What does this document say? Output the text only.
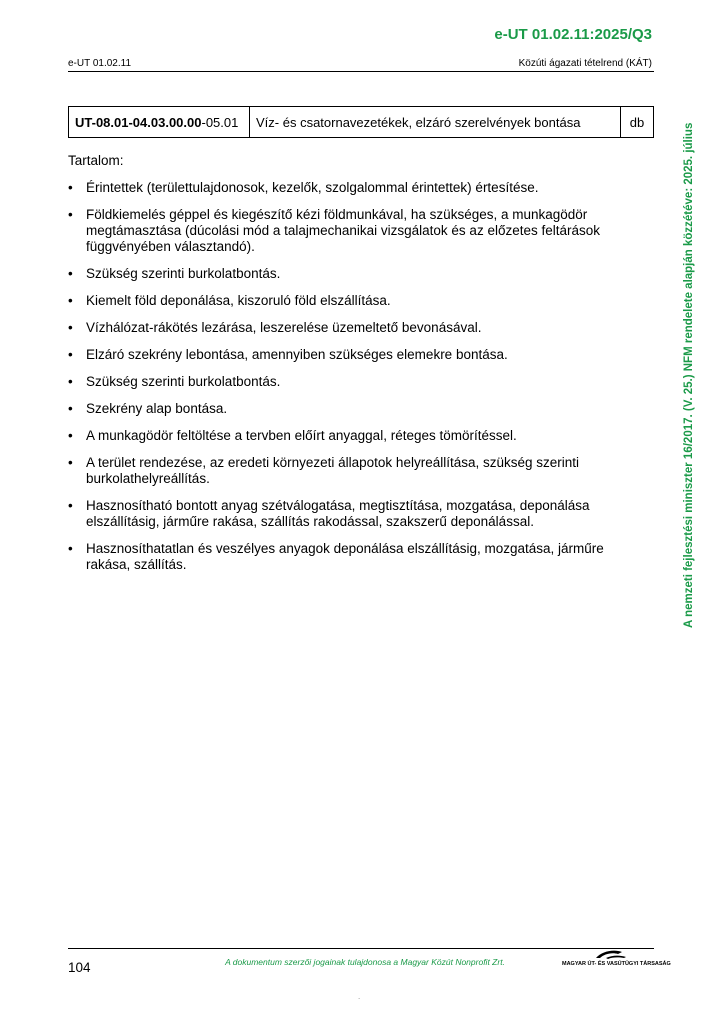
e-UT 01.02.11:2025/Q3
e-UT 01.02.11	Közúti ágazati tételrend (KÁT)
UT-08.01-04.03.00.00-05.01	Víz- és csatornavezetékek, elzáró szerelvények bontása	db
Tartalom:
• Érintettek (területtulajdonosok, kezelők, szolgalommal érintettek) értesítése.
• Földkiemelés géppel és kiegészítő kézi földmunkával, ha szükséges, a munkagödör megtámasztása (dúcolási mód a talajmechanikai vizsgálatok és az előzetes feltárások függvényében választandó).
• Szükség szerinti burkolatbontás.
• Kiemelt föld deponálása, kiszoruló föld elszállítása.
• Vízhálózat-rákötés lezárása, leszerelése üzemeltető bevonásával.
• Elzáró szekrény lebontása, amennyiben szükséges elemekre bontása.
• Szükség szerinti burkolatbontás.
• Szekrény alap bontása.
• A munkagödör feltöltése a tervben előírt anyaggal, réteges tömörítéssel.
• A terület rendezése, az eredeti környezeti állapotok helyreállítása, szükség szerinti burkolathelyreállítás.
• Hasznosítható bontott anyag szétválogatása, megtisztítása, mozgatása, deponálása elszállításig, járműre rakása, szállítás rakodással, szakszerű deponálással.
• Hasznosíthatatlan és veszélyes anyagok deponálása elszállításig, mozgatása, járműre rakása, szállítás.	A nemzeti fejlesztési miniszter 16/2017. (V. 25.) NFM rendelete alapján közzétéve: 2025. július
104	A dokumentum szerzői jogainak tulajdonosa a Magyar Közút Nonprofit Zrt.	MAGYAR ÚT- ÉS VASÚTÜGYI TÁRSASÁG
.
